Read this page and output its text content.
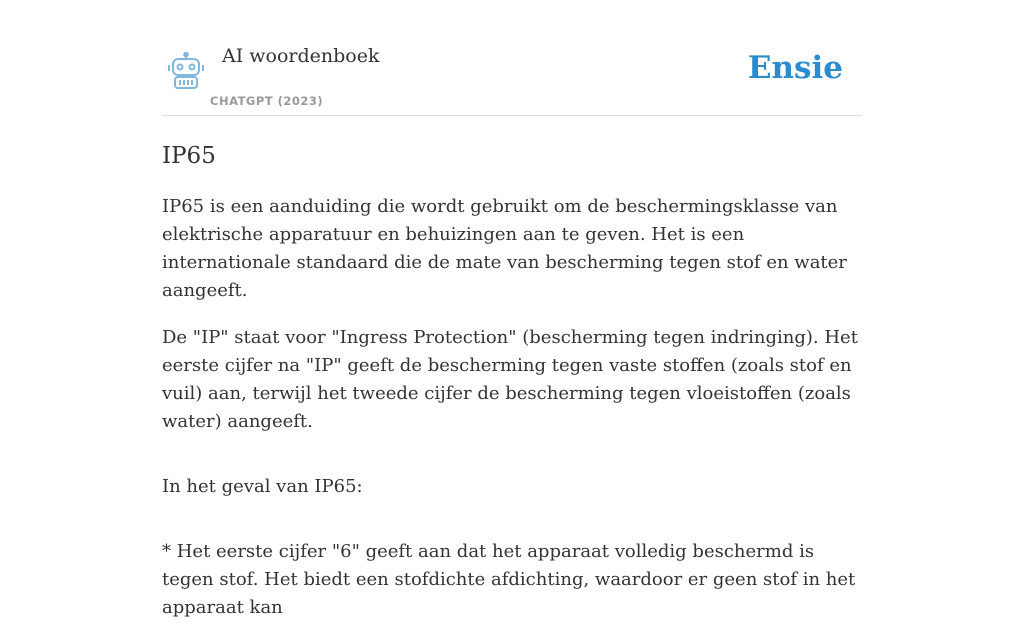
AI woordenboek
CHATGPT (2023)
Ensie
IP65

IP65 is een aanduiding die wordt gebruikt om de beschermingsklasse van elektrische apparatuur en behuizingen aan te geven. Het is een internationale standaard die de mate van bescherming tegen stof en water aangeeft.

De "IP" staat voor "Ingress Protection" (bescherming tegen indringing). Het eerste cijfer na "IP" geeft de bescherming tegen vaste stoffen (zoals stof en vuil) aan, terwijl het tweede cijfer de bescherming tegen vloeistoffen (zoals water) aangeeft.

In het geval van IP65:

* Het eerste cijfer "6" geeft aan dat het apparaat volledig beschermd is tegen stof. Het biedt een stofdichte afdichting, waardoor er geen stof in het apparaat kan
